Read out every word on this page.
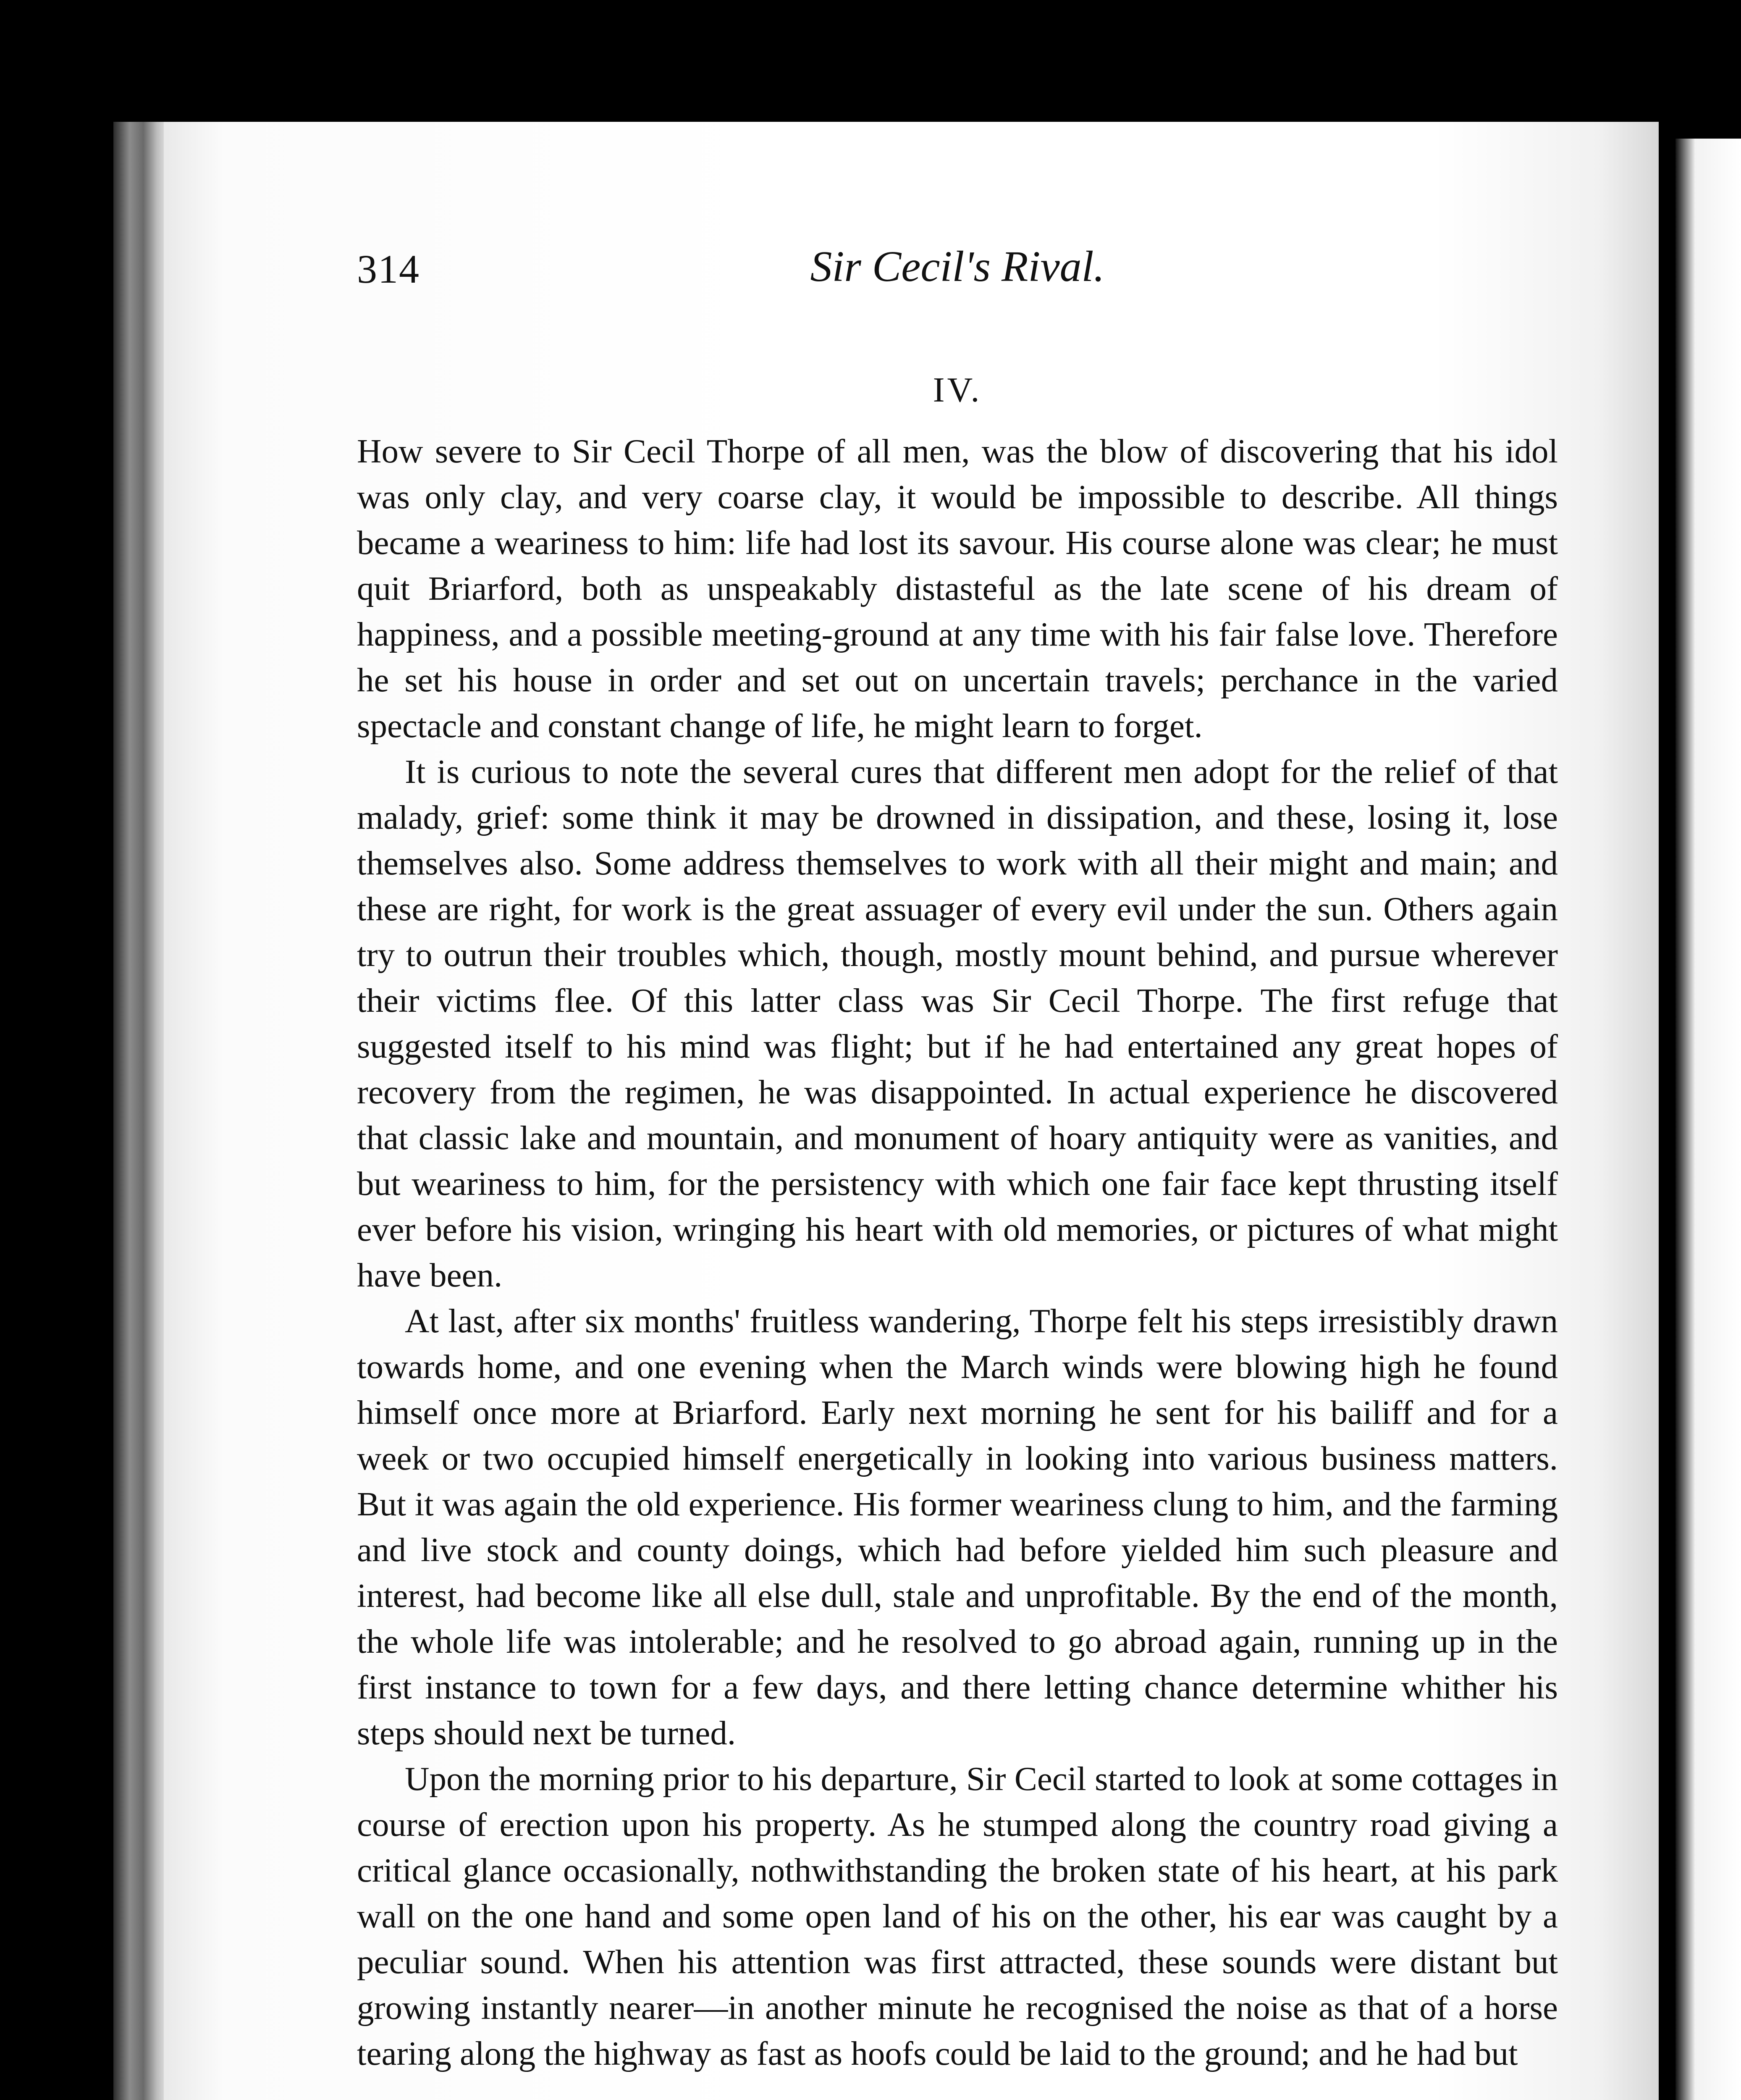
314	Sir Cecil's Rival.
IV.

How severe to Sir Cecil Thorpe of all men, was the blow of discovering that his idol was only clay, and very coarse clay, it would be impossible to describe. All things became a weariness to him: life had lost its savour. His course alone was clear; he must quit Briarford, both as unspeakably distasteful as the late scene of his dream of happiness, and a possible meeting-ground at any time with his fair false love. Therefore he set his house in order and set out on uncertain travels; perchance in the varied spectacle and constant change of life, he might learn to forget.

It is curious to note the several cures that different men adopt for the relief of that malady, grief: some think it may be drowned in dissipation, and these, losing it, lose themselves also. Some address themselves to work with all their might and main; and these are right, for work is the great assuager of every evil under the sun. Others again try to outrun their troubles which, though, mostly mount behind, and pursue wherever their victims flee. Of this latter class was Sir Cecil Thorpe. The first refuge that suggested itself to his mind was flight; but if he had entertained any great hopes of recovery from the regimen, he was disappointed. In actual experience he discovered that classic lake and mountain, and monument of hoary antiquity were as vanities, and but weariness to him, for the persistency with which one fair face kept thrusting itself ever before his vision, wringing his heart with old memories, or pictures of what might have been.

At last, after six months' fruitless wandering, Thorpe felt his steps irresistibly drawn towards home, and one evening when the March winds were blowing high he found himself once more at Briarford. Early next morning he sent for his bailiff and for a week or two occupied himself energetically in looking into various business matters. But it was again the old experience. His former weariness clung to him, and the farming and live stock and county doings, which had before yielded him such pleasure and interest, had become like all else dull, stale and unprofitable. By the end of the month, the whole life was intolerable; and he resolved to go abroad again, running up in the first instance to town for a few days, and there letting chance determine whither his steps should next be turned.

Upon the morning prior to his departure, Sir Cecil started to look at some cottages in course of erection upon his property. As he stumped along the country road giving a critical glance occasionally, nothwithstanding the broken state of his heart, at his park wall on the one hand and some open land of his on the other, his ear was caught by a peculiar sound. When his attention was first attracted, these sounds were distant but growing instantly nearer—in another minute he recognised the noise as that of a horse tearing along the highway as fast as hoofs could be laid to the ground; and he had but
